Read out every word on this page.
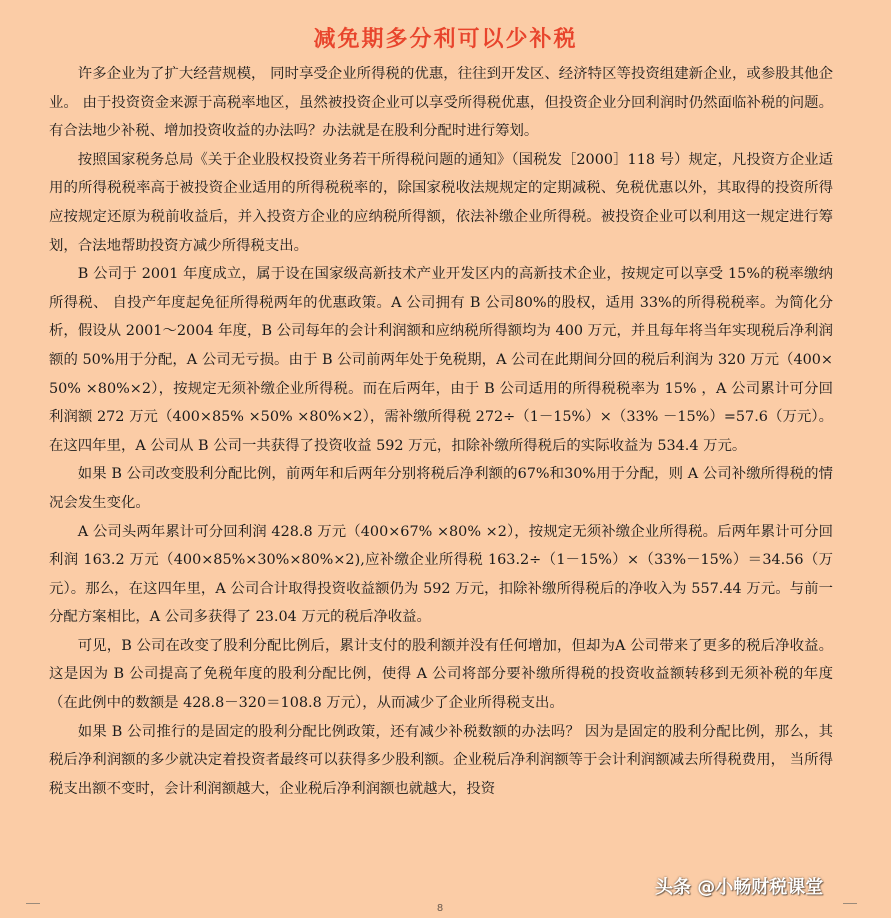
减免期多分利可以少补税

许多企业为了扩大经营规模， 同时享受企业所得税的优惠，往往到开发区、经济特区等投资组建新企业，或参股其他企业。 由于投资资金来源于高税率地区，虽然被投资企业可以享受所得税优惠，但投资企业分回利润时仍然面临补税的问题。有合法地少补税、增加投资收益的办法吗？办法就是在股利分配时进行筹划。

按照国家税务总局《关于企业股权投资业务若干所得税问题的通知》（国税发［2000］118 号）规定，凡投资方企业适用的所得税税率高于被投资企业适用的所得税税率的，除国家税收法规规定的定期减税、免税优惠以外，其取得的投资所得应按规定还原为税前收益后，并入投资方企业的应纳税所得额，依法补缴企业所得税。被投资企业可以利用这一规定进行筹划，合法地帮助投资方减少所得税支出。

B 公司于 2001 年度成立，属于设在国家级高新技术产业开发区内的高新技术企业，按规定可以享受 15%的税率缴纳所得税、 自投产年度起免征所得税两年的优惠政策。A 公司拥有 B 公司80%的股权，适用 33%的所得税税率。为简化分析，假设从 2001～2004 年度，B 公司每年的会计利润额和应纳税所得额均为 400 万元，并且每年将当年实现税后净利润额的 50%用于分配，A 公司无亏损。由于 B 公司前两年处于免税期，A 公司在此期间分回的税后利润为 320 万元（400×50% ×80%×2），按规定无须补缴企业所得税。而在后两年，由于 B 公司适用的所得税税率为 15% ，A 公司累计可分回利润额 272 万元（400×85% ×50% ×80%×2），需补缴所得税 272÷（1－15%）×（33% －15%）=57.6（万元）。在这四年里，A 公司从 B 公司一共获得了投资收益 592 万元，扣除补缴所得税后的实际收益为 534.4 万元。

如果 B 公司改变股利分配比例，前两年和后两年分别将税后净利额的67%和30%用于分配，则 A 公司补缴所得税的情况会发生变化。

A 公司头两年累计可分回利润 428.8 万元（400×67% ×80% ×2），按规定无须补缴企业所得税。后两年累计可分回利润 163.2 万元（400×85%×30%×80%×2),应补缴企业所得税 163.2÷（1－15%）×（33%－15%）＝34.56（万元）。那么，在这四年里，A 公司合计取得投资收益额仍为 592 万元，扣除补缴所得税后的净收入为 557.44 万元。与前一分配方案相比，A 公司多获得了 23.04 万元的税后净收益。

可见，B 公司在改变了股利分配比例后，累计支付的股利额并没有任何增加，但却为A 公司带来了更多的税后净收益。这是因为 B 公司提高了免税年度的股利分配比例，使得 A 公司将部分要补缴所得税的投资收益额转移到无须补税的年度（在此例中的数额是 428.8－320＝108.8 万元），从而减少了企业所得税支出。

如果 B 公司推行的是固定的股利分配比例政策，还有减少补税数额的办法吗？ 因为是固定的股利分配比例，那么，其税后净利润额的多少就决定着投资者最终可以获得多少股利额。企业税后净利润额等于会计利润额减去所得税费用， 当所得税支出额不变时，会计利润额越大，企业税后净利润额也就越大，投资

8
头条 @小畅财税课堂
